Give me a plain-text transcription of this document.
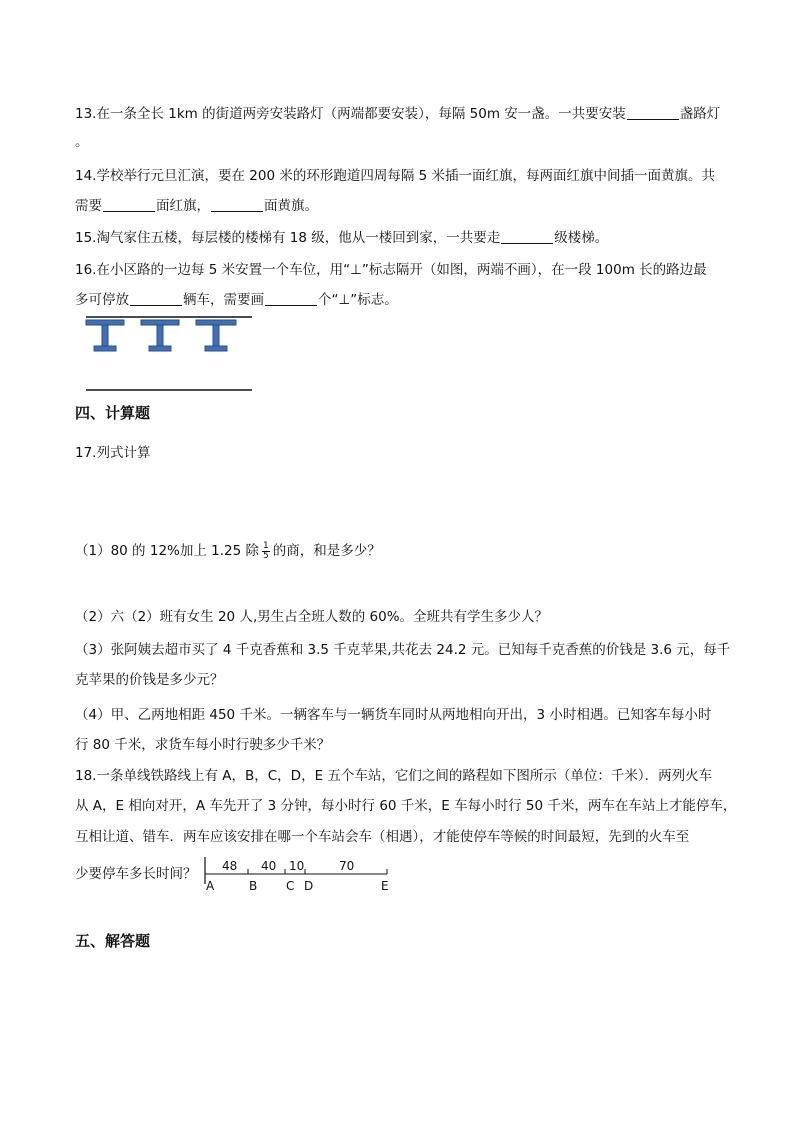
13.在一条全长 1km 的街道两旁安装路灯（两端都要安装），每隔 50m 安一盏。一共要安装	盏路灯
。
14.学校举行元旦汇演，要在 200 米的环形跑道四周每隔 5 米插一面红旗，每两面红旗中间插一面黄旗。共
需要	面红旗，	面黄旗。
15.淘气家住五楼，每层楼的楼梯有 18 级，他从一楼回到家，一共要走	级楼梯。
16.在小区路的一边每 5 米安置一个车位，用“⊥”标志隔开（如图，两端不画），在一段 100m 长的路边最
多可停放	辆车，需要画	个“⊥”标志。
四、计算题
17.列式计算
（1）80 的 12%加上 1.25 除 $\frac{1}{5}$ 的商，和是多少？
（2）六（2）班有女生 20 人,男生占全班人数的 60%。全班共有学生多少人？
（3）张阿姨去超市买了 4 千克香蕉和 3.5 千克苹果,共花去 24.2 元。已知每千克香蕉的价钱是 3.6 元，每千
克苹果的价钱是多少元？
（4）甲、乙两地相距 450 千米。一辆客车与一辆货车同时从两地相向开出，3 小时相遇。已知客车每小时
行 80 千米，求货车每小时行驶多少千米？
18.一条单线铁路线上有 A，B，C，D，E 五个车站，它们之间的路程如下图所示（单位：千米）．两列火车
从 A，E 相向对开，A 车先开了 3 分钟，每小时行 60 千米，E 车每小时行 50 千米，两车在车站上才能停车，
互相让道、错车．两车应该安排在哪一个车站会车（相遇），才能使停车等候的时间最短，先到的火车至
少要停车多长时间？ 48 40 10	70
A	B C D	E
五、解答题
